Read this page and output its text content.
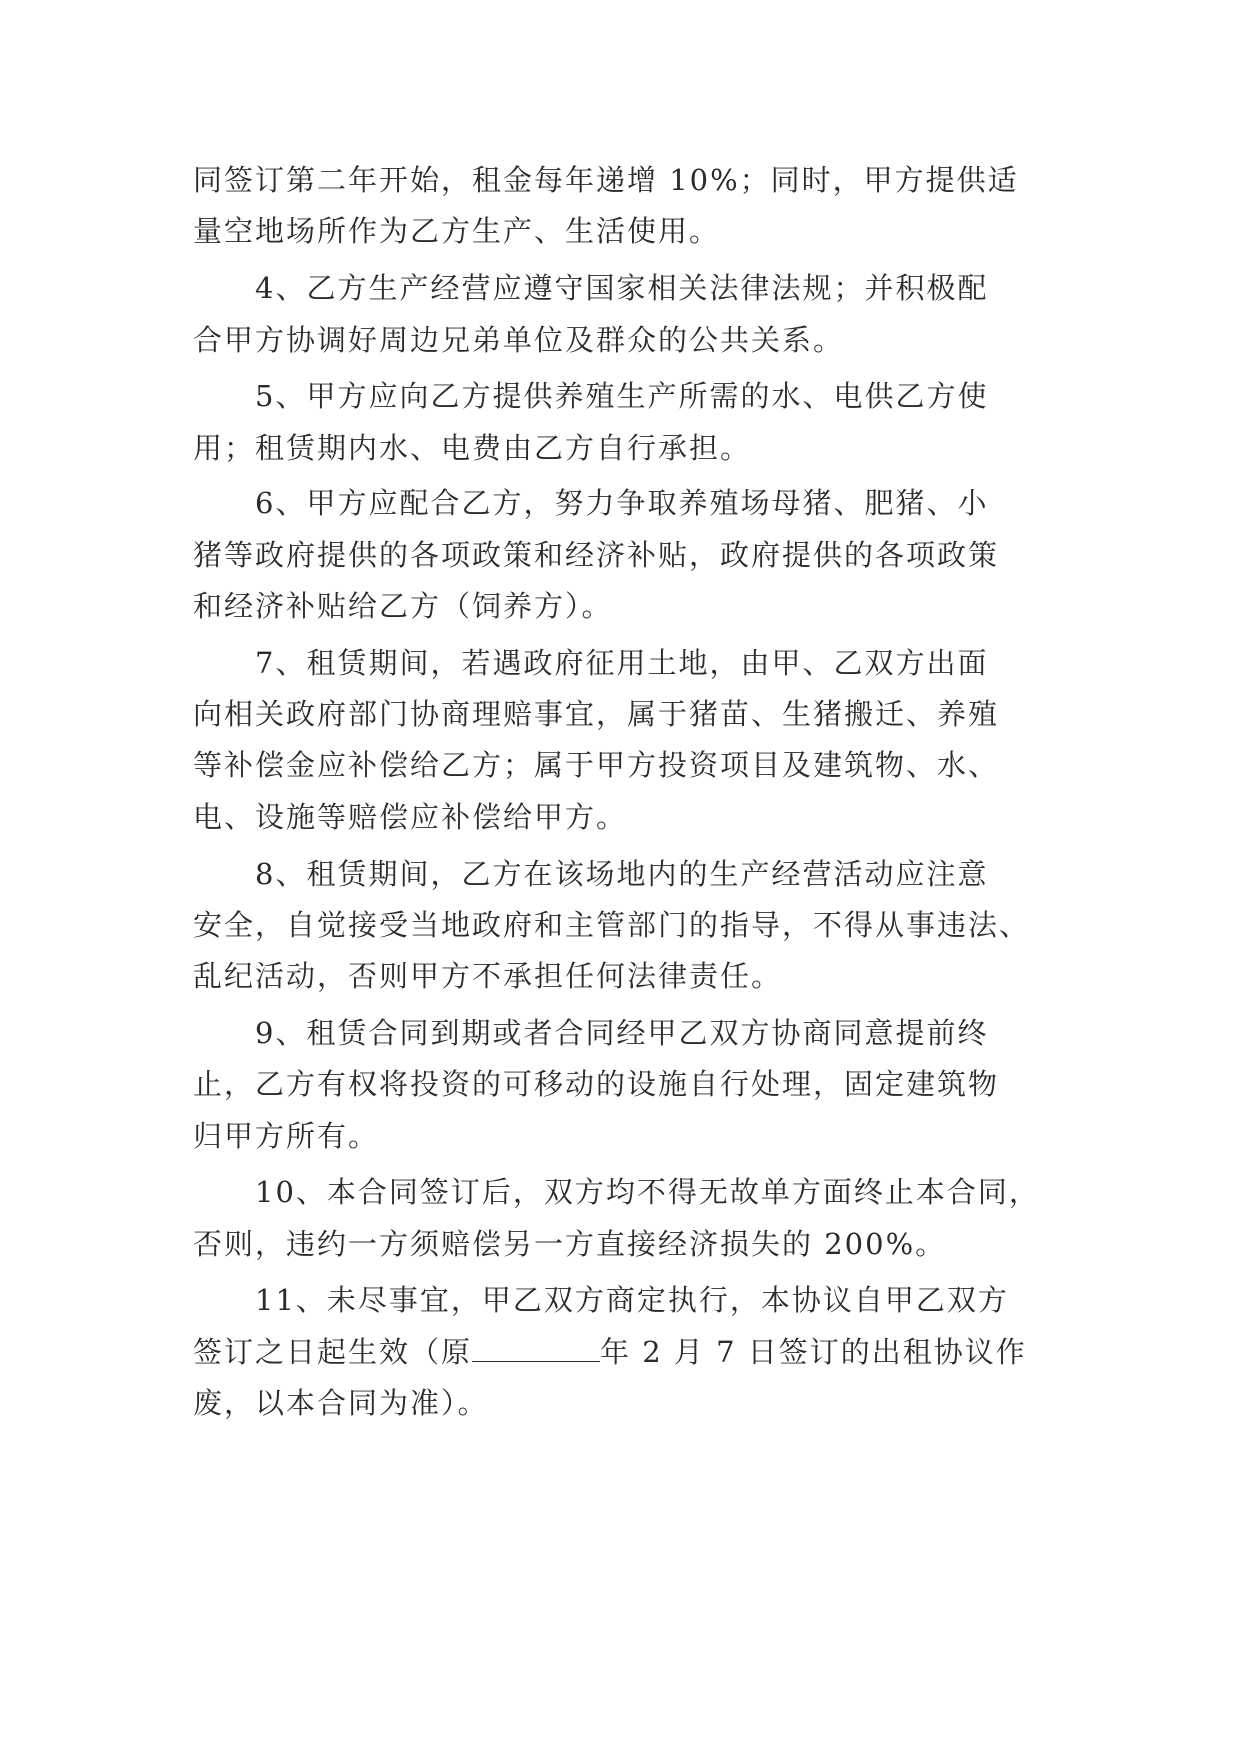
同签订第二年开始，租金每年递增 10%；同时，甲方提供适
量空地场所作为乙方生产、生活使用。
4、乙方生产经营应遵守国家相关法律法规；并积极配
合甲方协调好周边兄弟单位及群众的公共关系。
5、甲方应向乙方提供养殖生产所需的水、电供乙方使
用；租赁期内水、电费由乙方自行承担。
6、甲方应配合乙方，努力争取养殖场母猪、肥猪、小
猪等政府提供的各项政策和经济补贴，政府提供的各项政策
和经济补贴给乙方（饲养方）。
7、租赁期间，若遇政府征用土地，由甲、乙双方出面
向相关政府部门协商理赔事宜，属于猪苗、生猪搬迁、养殖
等补偿金应补偿给乙方；属于甲方投资项目及建筑物、水、
电、设施等赔偿应补偿给甲方。
8、租赁期间，乙方在该场地内的生产经营活动应注意
安全，自觉接受当地政府和主管部门的指导，不得从事违法、
乱纪活动，否则甲方不承担任何法律责任。
9、租赁合同到期或者合同经甲乙双方协商同意提前终
止，乙方有权将投资的可移动的设施自行处理，固定建筑物
归甲方所有。
10、本合同签订后，双方均不得无故单方面终止本合同，
否则，违约一方须赔偿另一方直接经济损失的 200%。
11、未尽事宜，甲乙双方商定执行，本协议自甲乙双方
签订之日起生效（原	年 2 月 7 日签订的出租协议作
废，以本合同为准）。
